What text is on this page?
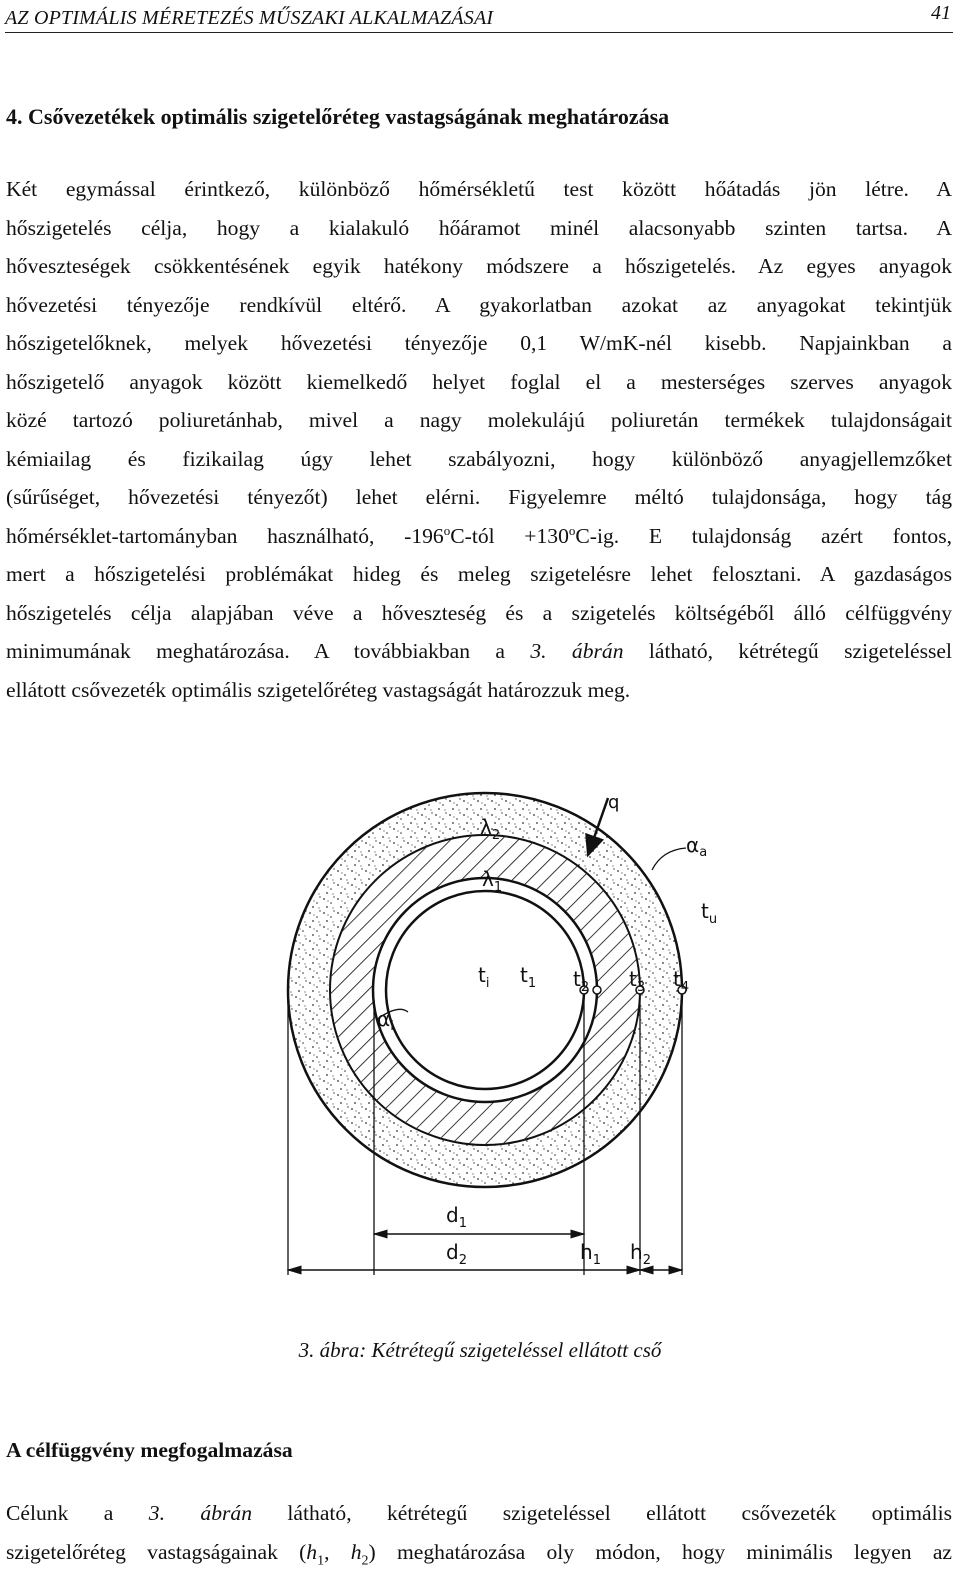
AZ OPTIMÁLIS MÉRETEZÉS MŰSZAKI ALKALMAZÁSAI	41
4. Csővezetékek optimális szigetelőréteg vastagságának meghatározása

Két egymással érintkező, különböző hőmérsékletű test között hőátadás jön létre. A
hőszigetelés célja, hogy a kialakuló hőáramot minél alacsonyabb szinten tartsa. A
hőveszteségek csökkentésének egyik hatékony módszere a hőszigetelés. Az egyes anyagok
hővezetési tényezője rendkívül eltérő. A gyakorlatban azokat az anyagokat tekintjük
hőszigetelőknek, melyek hővezetési tényezője 0,1 W/mK-nél kisebb. Napjainkban a
hőszigetelő anyagok között kiemelkedő helyet foglal el a mesterséges szerves anyagok
közé tartozó poliuretánhab, mivel a nagy molekulájú poliuretán termékek tulajdonságait
kémiailag és fizikailag úgy lehet szabályozni, hogy különböző anyagjellemzőket
(sűrűséget, hővezetési tényezőt) lehet elérni. Figyelemre méltó tulajdonsága, hogy tág
hőmérséklet-tartományban használható, $-196^oC$-tól $+130^oC-ig$. E tulajdonság azért fontos,
mert a hőszigetelési problémákat hideg és meleg szigetelésre lehet felosztani. A gazdaságos
hőszigetelés célja alapjában véve a hőveszteség és a szigetelés költségéből álló célfüggvény
minimumának meghatározása. A továbbiakban a 3. ábrán látható, kétrétegű szigeteléssel
ellátott csővezeték optimális szigetelőréteg vastagságát határozzuk meg.

q
$\lambda_2$
$\lambda_1$
$\alpha_a$
$\alpha_i$
$t_u$
$t_i$ $t_1$ $t_2$ $t_3$ $t_4$
$d_1$
$d_2$	$h_1$ $h_2$
3. ábra: Kétrétegű szigeteléssel ellátott cső
A célfüggvény megfogalmazása

Célunk a 3. ábrán látható, kétrétegű szigeteléssel ellátott csővezeték optimális
szigetelőréteg vastagságainak ($h_1$, $h_2$) meghatározása oly módon, hogy minimális legyen az
